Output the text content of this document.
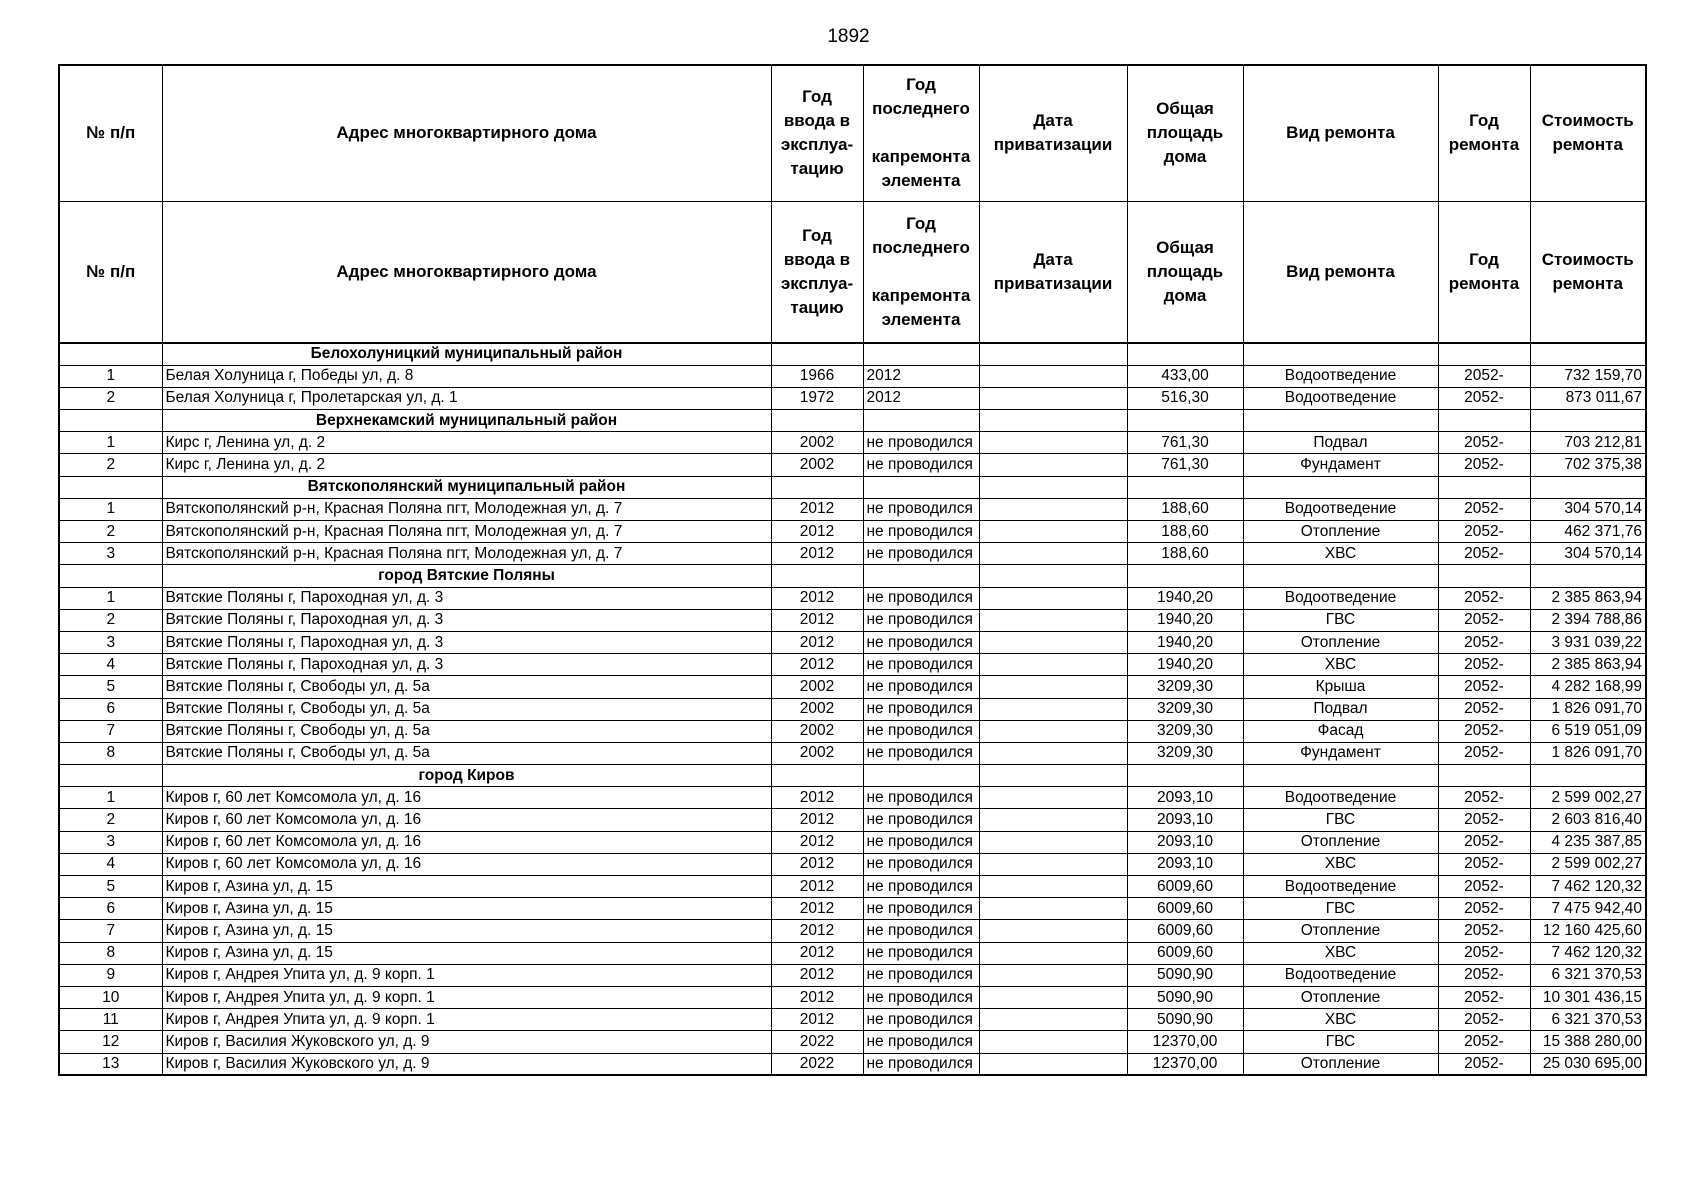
1892
№ п/п	Адрес многоквартирного дома	Год ввода в эксплуа-тацию	Год последнего

капремонта элемента	Дата приватизации	Общая площадь дома	Вид ремонта	Год ремонта	Стоимость ремонта
№ п/п	Адрес многоквартирного дома	Год ввода в эксплуа-тацию	Год последнего

капремонта элемента	Дата приватизации	Общая площадь дома	Вид ремонта	Год ремонта	Стоимость ремонта
	Белохолуницкий муниципальный район							
1	Белая Холуница г, Победы ул, д. 8	1966	2012		433,00	Водоотведение	2052-	732 159,70
2	Белая Холуница г, Пролетарская ул, д. 1	1972	2012		516,30	Водоотведение	2052-	873 011,67
	Верхнекамский муниципальный район							
1	Кирс г, Ленина ул, д. 2	2002	не проводился		761,30	Подвал	2052-	703 212,81
2	Кирс г, Ленина ул, д. 2	2002	не проводился		761,30	Фундамент	2052-	702 375,38
	Вятскополянский муниципальный район							
1	Вятскополянский р-н, Красная Поляна пгт, Молодежная ул, д. 7	2012	не проводился		188,60	Водоотведение	2052-	304 570,14
2	Вятскополянский р-н, Красная Поляна пгт, Молодежная ул, д. 7	2012	не проводился		188,60	Отопление	2052-	462 371,76
3	Вятскополянский р-н, Красная Поляна пгт, Молодежная ул, д. 7	2012	не проводился		188,60	ХВС	2052-	304 570,14
	город Вятские Поляны							
1	Вятские Поляны г, Пароходная ул, д. 3	2012	не проводился		1940,20	Водоотведение	2052-	2 385 863,94
2	Вятские Поляны г, Пароходная ул, д. 3	2012	не проводился		1940,20	ГВС	2052-	2 394 788,86
3	Вятские Поляны г, Пароходная ул, д. 3	2012	не проводился		1940,20	Отопление	2052-	3 931 039,22
4	Вятские Поляны г, Пароходная ул, д. 3	2012	не проводился		1940,20	ХВС	2052-	2 385 863,94
5	Вятские Поляны г, Свободы ул, д. 5а	2002	не проводился		3209,30	Крыша	2052-	4 282 168,99
6	Вятские Поляны г, Свободы ул, д. 5а	2002	не проводился		3209,30	Подвал	2052-	1 826 091,70
7	Вятские Поляны г, Свободы ул, д. 5а	2002	не проводился		3209,30	Фасад	2052-	6 519 051,09
8	Вятские Поляны г, Свободы ул, д. 5а	2002	не проводился		3209,30	Фундамент	2052-	1 826 091,70
	город Киров							
1	Киров г, 60 лет Комсомола ул, д. 16	2012	не проводился		2093,10	Водоотведение	2052-	2 599 002,27
2	Киров г, 60 лет Комсомола ул, д. 16	2012	не проводился		2093,10	ГВС	2052-	2 603 816,40
3	Киров г, 60 лет Комсомола ул, д. 16	2012	не проводился		2093,10	Отопление	2052-	4 235 387,85
4	Киров г, 60 лет Комсомола ул, д. 16	2012	не проводился		2093,10	ХВС	2052-	2 599 002,27
5	Киров г, Азина ул, д. 15	2012	не проводился		6009,60	Водоотведение	2052-	7 462 120,32
6	Киров г, Азина ул, д. 15	2012	не проводился		6009,60	ГВС	2052-	7 475 942,40
7	Киров г, Азина ул, д. 15	2012	не проводился		6009,60	Отопление	2052-	12 160 425,60
8	Киров г, Азина ул, д. 15	2012	не проводился		6009,60	ХВС	2052-	7 462 120,32
9	Киров г, Андрея Упита ул, д. 9 корп. 1	2012	не проводился		5090,90	Водоотведение	2052-	6 321 370,53
10	Киров г, Андрея Упита ул, д. 9 корп. 1	2012	не проводился		5090,90	Отопление	2052-	10 301 436,15
11	Киров г, Андрея Упита ул, д. 9 корп. 1	2012	не проводился		5090,90	ХВС	2052-	6 321 370,53
12	Киров г, Василия Жуковского ул, д. 9	2022	не проводился		12370,00	ГВС	2052-	15 388 280,00
13	Киров г, Василия Жуковского ул, д. 9	2022	не проводился		12370,00	Отопление	2052-	25 030 695,00
